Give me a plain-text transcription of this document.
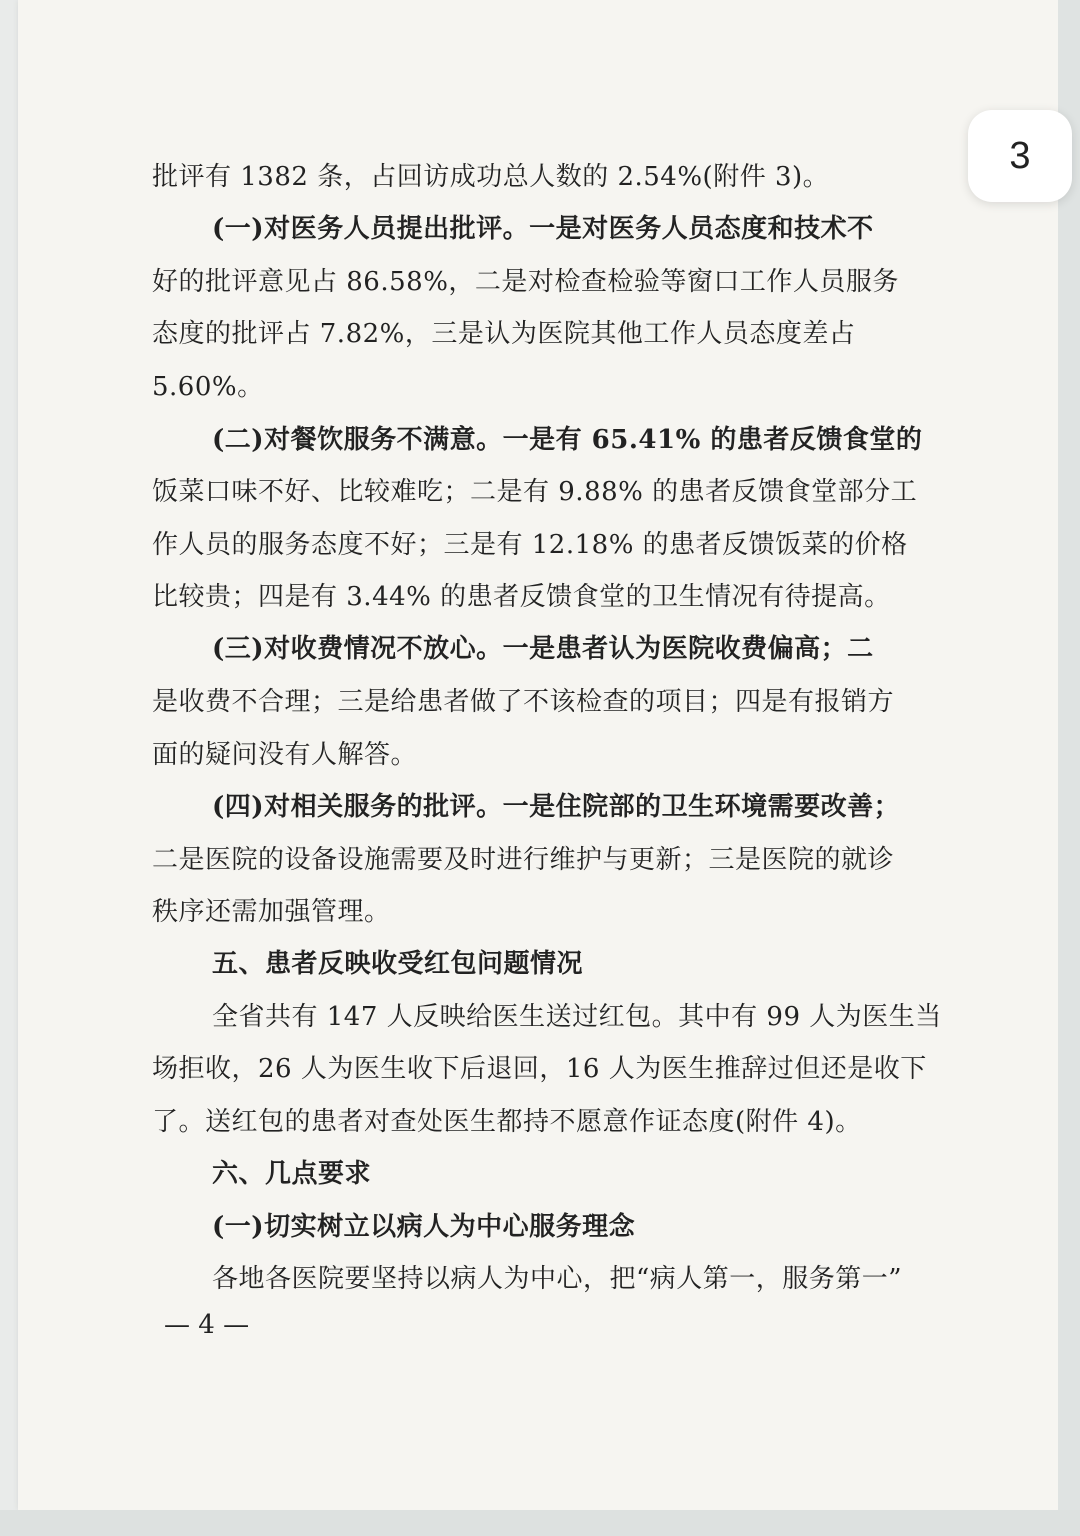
3
批评有 1382 条，占回访成功总人数的 2.54%(附件 3)。
(一)对医务人员提出批评。一是对医务人员态度和技术不
好的批评意见占 86.58%，二是对检查检验等窗口工作人员服务
态度的批评占 7.82%，三是认为医院其他工作人员态度差占
5.60%。
(二)对餐饮服务不满意。一是有 65.41% 的患者反馈食堂的
饭菜口味不好、比较难吃；二是有 9.88% 的患者反馈食堂部分工
作人员的服务态度不好；三是有 12.18% 的患者反馈饭菜的价格
比较贵；四是有 3.44% 的患者反馈食堂的卫生情况有待提高。
(三)对收费情况不放心。一是患者认为医院收费偏高；二
是收费不合理；三是给患者做了不该检查的项目；四是有报销方
面的疑问没有人解答。
(四)对相关服务的批评。一是住院部的卫生环境需要改善；
二是医院的设备设施需要及时进行维护与更新；三是医院的就诊
秩序还需加强管理。
五、患者反映收受红包问题情况
全省共有 147 人反映给医生送过红包。其中有 99 人为医生当
场拒收，26 人为医生收下后退回，16 人为医生推辞过但还是收下
了。送红包的患者对查处医生都持不愿意作证态度(附件 4)。
六、几点要求
(一)切实树立以病人为中心服务理念
各地各医院要坚持以病人为中心，把“病人第一，服务第一”
— 4 —
